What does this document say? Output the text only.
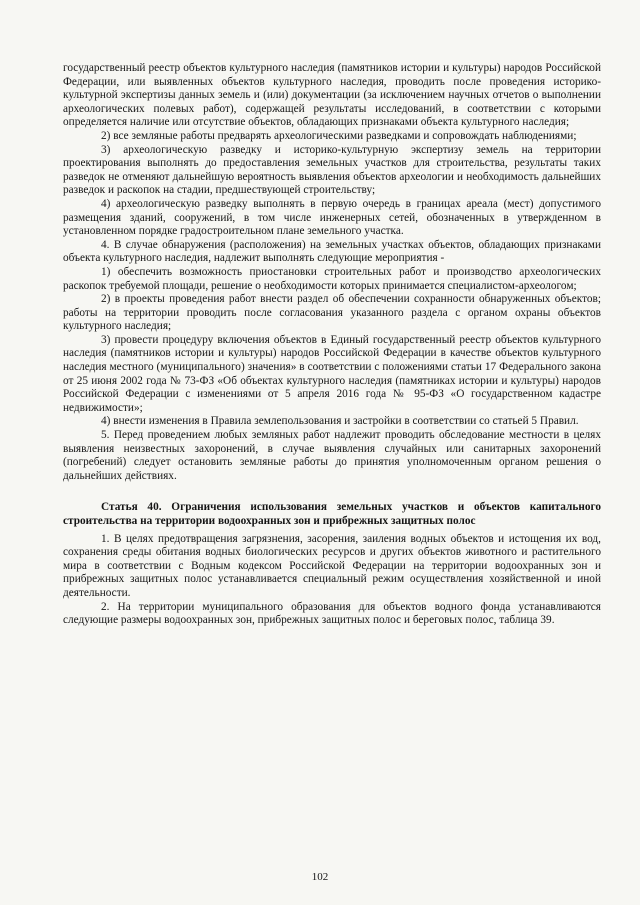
государственный реестр объектов культурного наследия (памятников истории и культуры) народов Российской Федерации, или выявленных объектов культурного наследия, проводить после проведения историко-культурной экспертизы данных земель и (или) документации (за исключением научных отчетов о выполнении археологических полевых работ), содержащей результаты исследований, в соответствии с которыми определяется наличие или отсутствие объектов, обладающих признаками объекта культурного наследия;

2) все земляные работы предварять археологическими разведками и сопровождать наблюдениями;

3) археологическую разведку и историко-культурную экспертизу земель на территории проектирования выполнять до предоставления земельных участков для строительства, результаты таких разведок не отменяют дальнейшую вероятность выявления объектов археологии и необходимость дальнейших разведок и раскопок на стадии, предшествующей строительству;

4) археологическую разведку выполнять в первую очередь в границах ареала (мест) допустимого размещения зданий, сооружений, в том числе инженерных сетей, обозначенных в утвержденном в установленном порядке градостроительном плане земельного участка.

4. В случае обнаружения (расположения) на земельных участках объектов, обладающих признаками объекта культурного наследия, надлежит выполнять следующие мероприятия -

1) обеспечить возможность приостановки строительных работ и производство археологических раскопок требуемой площади, решение о необходимости которых принимается специалистом-археологом;

2) в проекты проведения работ внести раздел об обеспечении сохранности обнаруженных объектов; работы на территории проводить после согласования указанного раздела с органом охраны объектов культурного наследия;

3) провести процедуру включения объектов в Единый государственный реестр объектов культурного наследия (памятников истории и культуры) народов Российской Федерации в качестве объектов культурного наследия местного (муниципального) значения» в соответствии с положениями статьи 17 Федерального закона от 25 июня 2002 года № 73-ФЗ «Об объектах культурного наследия (памятниках истории и культуры) народов Российской Федерации с изменениями от 5 апреля 2016 года № 95-ФЗ «О государственном кадастре недвижимости»;

4) внести изменения в Правила землепользования и застройки в соответствии со статьей 5 Правил.

5. Перед проведением любых земляных работ надлежит проводить обследование местности в целях выявления неизвестных захоронений, в случае выявления случайных или санитарных захоронений (погребений) следует остановить земляные работы до принятия уполномоченным органом решения о дальнейших действиях.

Статья 40. Ограничения использования земельных участков и объектов капитального строительства на территории водоохранных зон и прибрежных защитных полос

1. В целях предотвращения загрязнения, засорения, заиления водных объектов и истощения их вод, сохранения среды обитания водных биологических ресурсов и других объектов животного и растительного мира в соответствии с Водным кодексом Российской Федерации на территории водоохранных зон и прибрежных защитных полос устанавливается специальный режим осуществления хозяйственной и иной деятельности.

2. На территории муниципального образования для объектов водного фонда устанавливаются следующие размеры водоохранных зон, прибрежных защитных полос и береговых полос, таблица 39.

102
